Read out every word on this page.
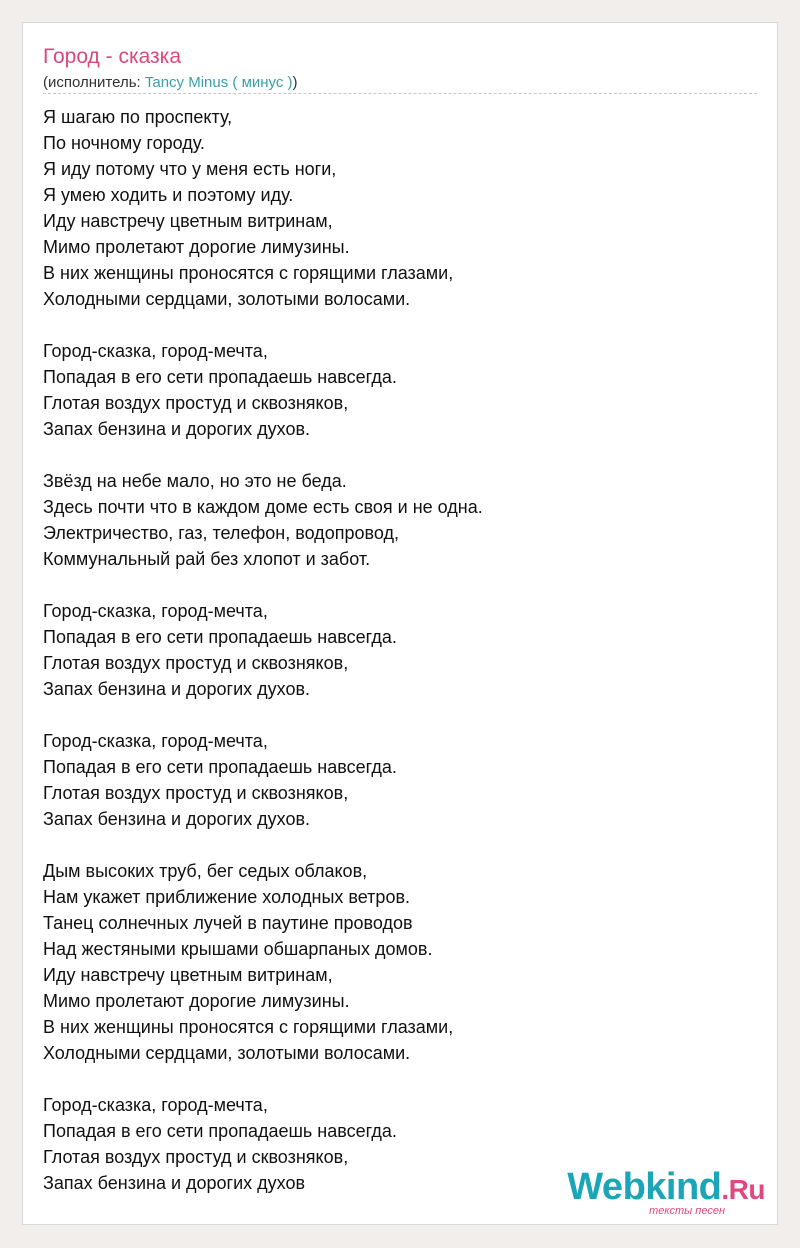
Город - сказка
(исполнитель: Tancy Minus ( минус ))
Я шагаю по проспекту,
По ночному городу.
Я иду потому что у меня есть ноги,
Я умею ходить и поэтому иду.
Иду навстречу цветным витринам,
Мимо пролетают дорогие лимузины.
В них женщины проносятся с горящими глазами,
Холодными сердцами, золотыми волосами.
Город-сказка, город-мечта,
Попадая в его сети пропадаешь навсегда.
Глотая воздух простуд и сквозняков,
Запах бензина и дорогих духов.
Звёзд на небе мало, но это не беда.
Здесь почти что в каждом доме есть своя и не одна.
Электричество, газ, телефон, водопровод,
Коммунальный рай без хлопот и забот.
Город-сказка, город-мечта,
Попадая в его сети пропадаешь навсегда.
Глотая воздух простуд и сквозняков,
Запах бензина и дорогих духов.
Город-сказка, город-мечта,
Попадая в его сети пропадаешь навсегда.
Глотая воздух простуд и сквозняков,
Запах бензина и дорогих духов.
Дым высоких труб, бег седых облаков,
Нам укажет приближение холодных ветров.
Танец солнечных лучей в паутине проводов
Над жестяными крышами обшарпаных домов.
Иду навстречу цветным витринам,
Мимо пролетают дорогие лимузины.
В них женщины проносятся с горящими глазами,
Холодными сердцами, золотыми волосами.
Город-сказка, город-мечта,
Попадая в его сети пропадаешь навсегда.
Глотая воздух простуд и сквозняков,
Запах бензина и дорогих духов	Webkind.Ru
тексты песен
